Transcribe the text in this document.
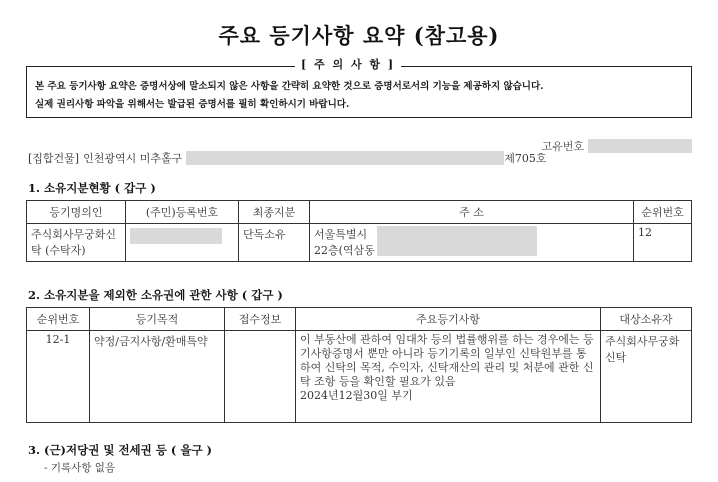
주요 등기사항 요약 (참고용)
[ 주 의 사 항 ]
본 주요 등기사항 요약은 증명서상에 말소되지 않은 사항을 간략히 요약한 것으로 증명서로서의 기능을 제공하지 않습니다.
실제 권리사항 파악을 위해서는 발급된 증명서를 필히 확인하시기 바랍니다.
고유번호
[집합건물] 인천광역시 미추홀구	제705호
1. 소유지분현황 ( 갑구 )
등기명의인	(주민)등록번호	최종지분	주 소	순위번호
주식회사무궁화신탁 (수탁자)		단독소유	서울특별시
22층(역삼동	12
2. 소유지분을 제외한 소유권에 관한 사항 ( 갑구 )
순위번호	등기목적	접수정보	주요등기사항	대상소유자
12-1	약정/금지사항/환매특약		이 부동산에 관하여 임대차 등의 법률행위를 하는 경우에는 등기사항증명서 뿐만 아니라 등기기록의 일부인 신탁원부를 통하여 신탁의 목적, 수익자, 신탁재산의 관리 및 처분에 관한 신탁 조항 등을 확인할 필요가 있음
2024년12월30일 부기	주식회사무궁화신탁
3. (근)저당권 및 전세권 등 ( 을구 )
- 기록사항 없음
